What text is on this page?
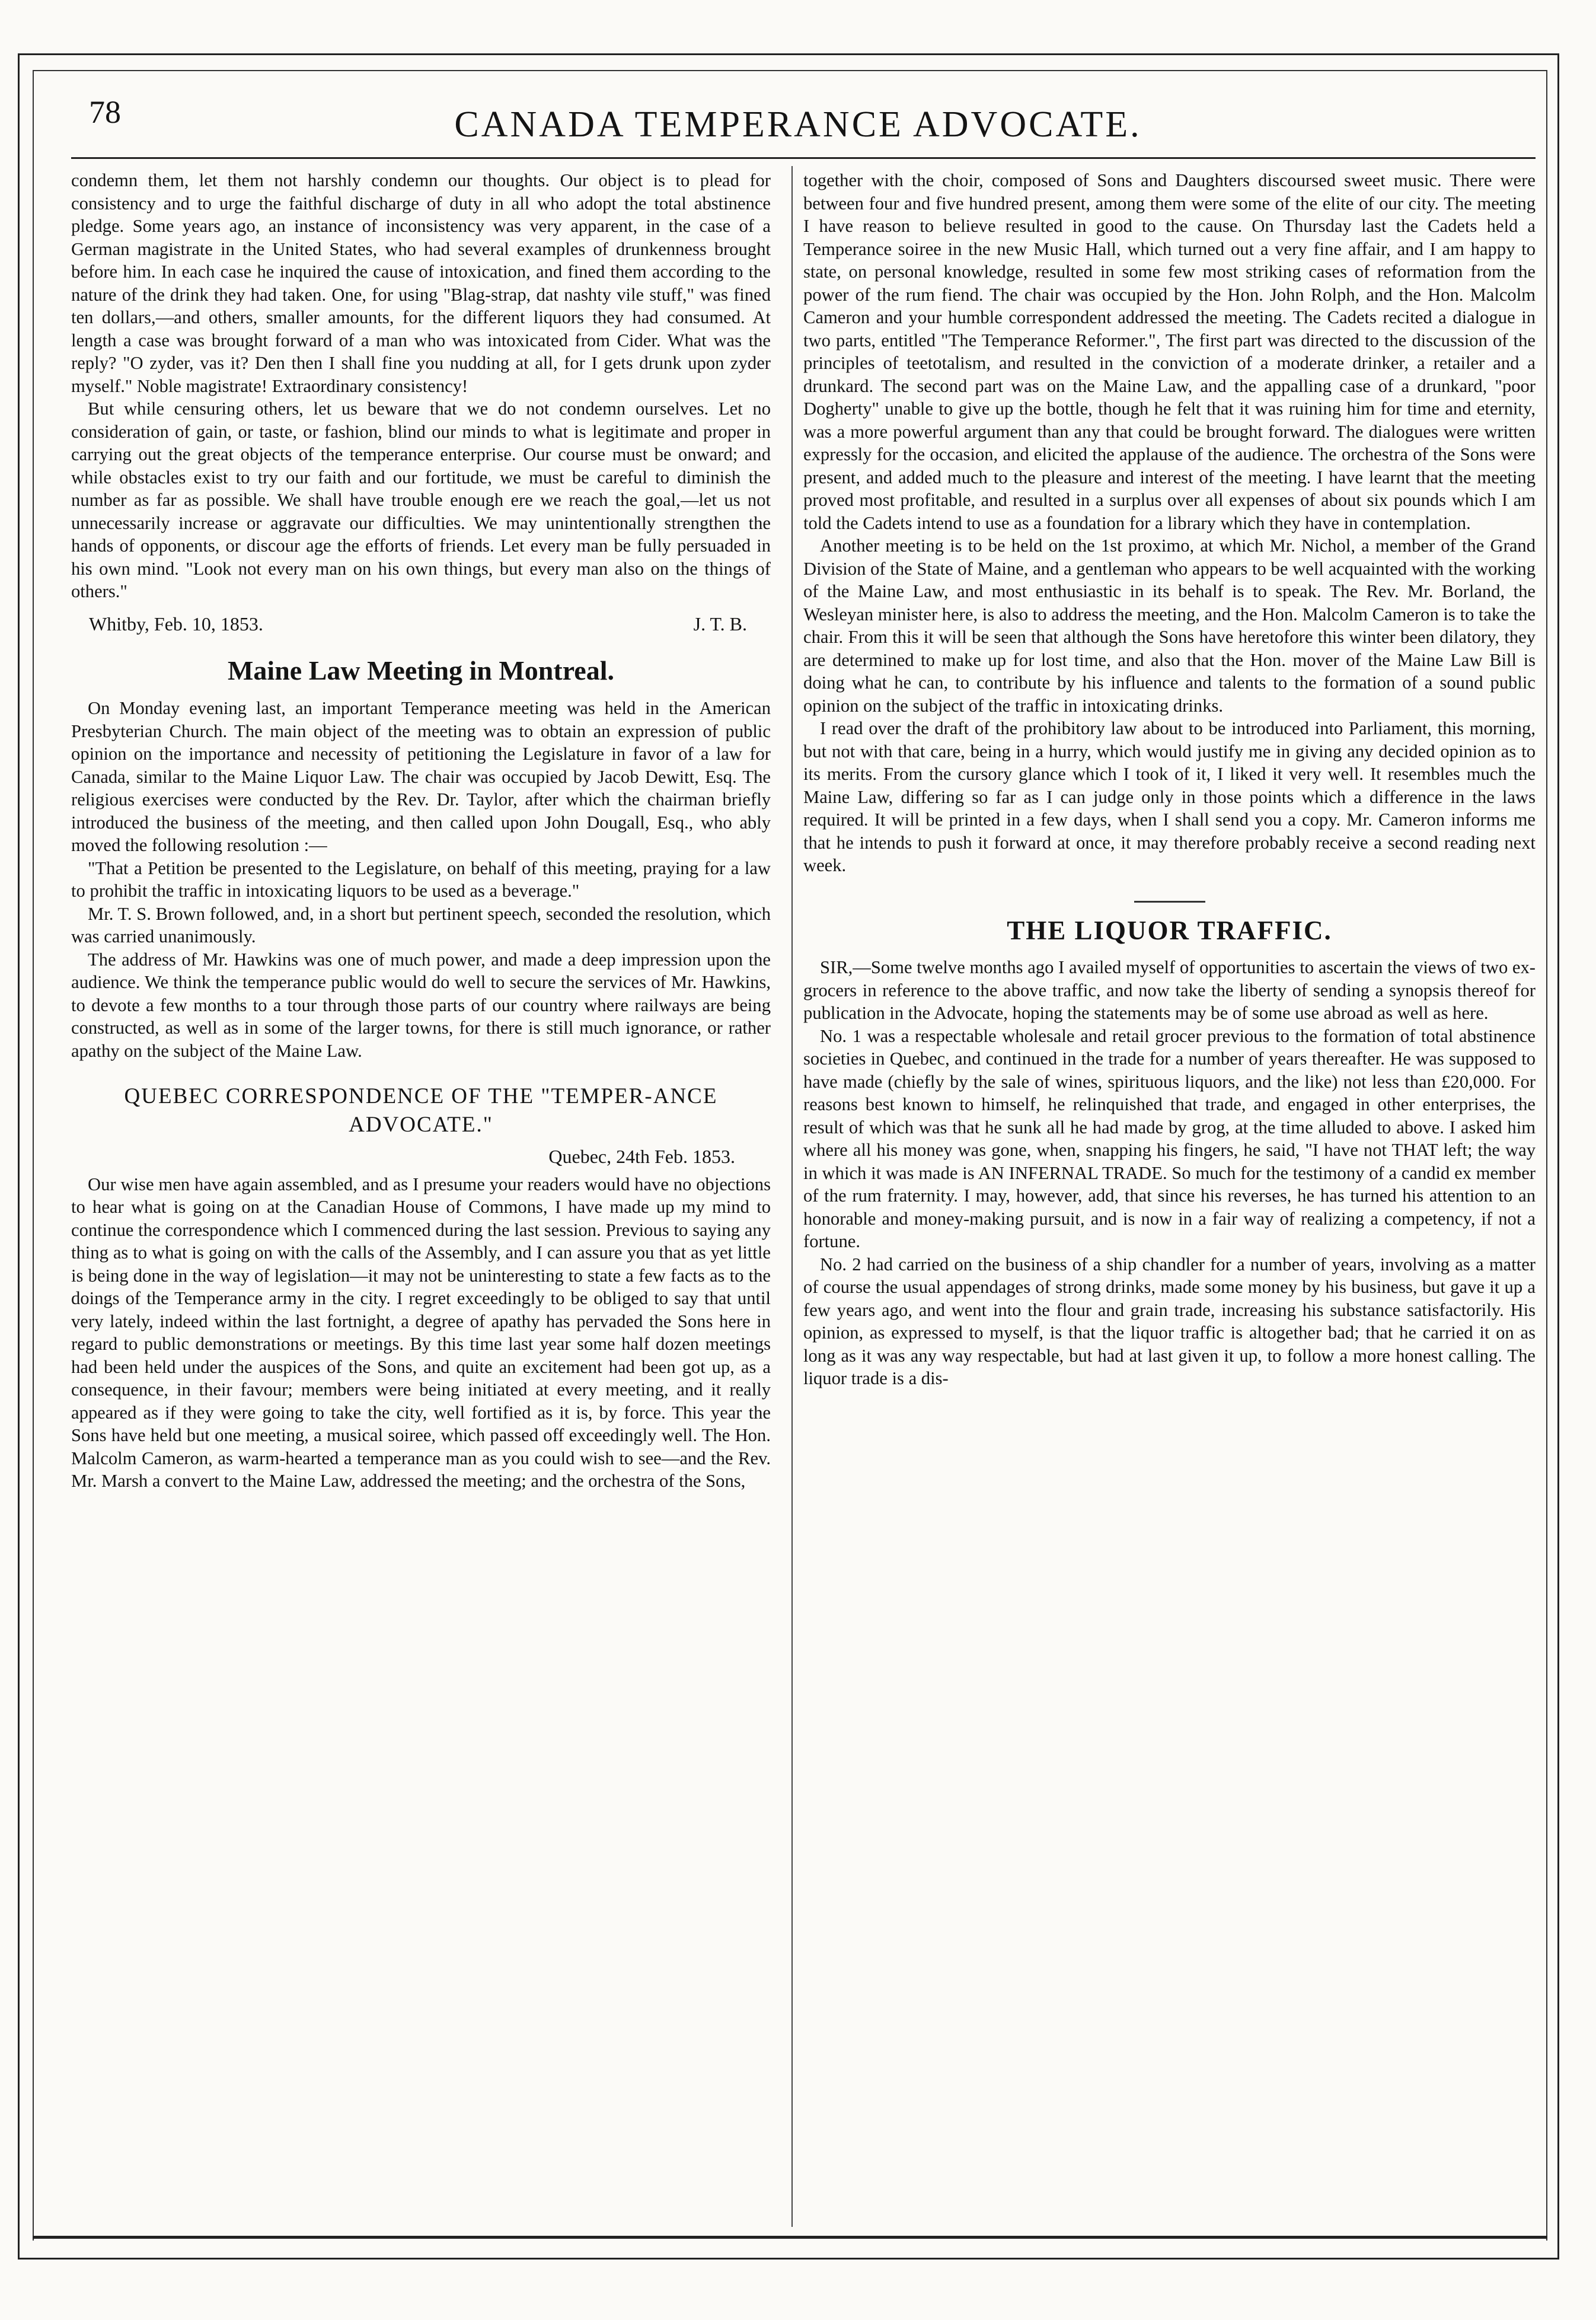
78	CANADA TEMPERANCE ADVOCATE.

condemn them, let them not harshly condemn our thoughts. Our object is to plead for consistency and to urge the faithful discharge of duty in all who adopt the total abstinence pledge. Some years ago, an instance of inconsistency was very apparent, in the case of a German magistrate in the United States, who had several examples of drunkenness brought before him. In each case he inquired the cause of intoxication, and fined them according to the nature of the drink they had taken. One, for using "Blag-strap, dat nashty vile stuff," was fined ten dollars,—and others, smaller amounts, for the different liquors they had consumed. At length a case was brought forward of a man who was intoxicated from Cider. What was the reply? "O zyder, vas it? Den then I shall fine you nudding at all, for I gets drunk upon zyder myself." Noble magistrate! Extraordinary consistency!

But while censuring others, let us beware that we do not condemn ourselves. Let no consideration of gain, or taste, or fashion, blind our minds to what is legitimate and proper in carrying out the great objects of the temperance enterprise. Our course must be onward; and while obstacles exist to try our faith and our fortitude, we must be careful to diminish the number as far as possible. We shall have trouble enough ere we reach the goal,—let us not unnecessarily increase or aggravate our difficulties. We may unintentionally strengthen the hands of opponents, or discour age the efforts of friends. Let every man be fully persuaded in his own mind. "Look not every man on his own things, but every man also on the things of others."

Whitby, Feb. 10, 1853.	J. T. B.
Maine Law Meeting in Montreal.

On Monday evening last, an important Temperance meeting was held in the American Presbyterian Church. The main object of the meeting was to obtain an expression of public opinion on the importance and necessity of petitioning the Legislature in favor of a law for Canada, similar to the Maine Liquor Law. The chair was occupied by Jacob Dewitt, Esq. The religious exercises were conducted by the Rev. Dr. Taylor, after which the chairman briefly introduced the business of the meeting, and then called upon John Dougall, Esq., who ably moved the following resolution :—

"That a Petition be presented to the Legislature, on behalf of this meeting, praying for a law to prohibit the traffic in intoxicating liquors to be used as a beverage."

Mr. T. S. Brown followed, and, in a short but pertinent speech, seconded the resolution, which was carried unanimously.

The address of Mr. Hawkins was one of much power, and made a deep impression upon the audience. We think the temperance public would do well to secure the services of Mr. Hawkins, to devote a few months to a tour through those parts of our country where railways are being constructed, as well as in some of the larger towns, for there is still much ignorance, or rather apathy on the subject of the Maine Law.

QUEBEC CORRESPONDENCE OF THE "TEMPER-ANCE ADVOCATE."
Quebec, 24th Feb. 1853.

Our wise men have again assembled, and as I presume your readers would have no objections to hear what is going on at the Canadian House of Commons, I have made up my mind to continue the correspondence which I commenced during the last session. Previous to saying any thing as to what is going on with the calls of the Assembly, and I can assure you that as yet little is being done in the way of legislation—it may not be uninteresting to state a few facts as to the doings of the Temperance army in the city. I regret exceedingly to be obliged to say that until very lately, indeed within the last fortnight, a degree of apathy has pervaded the Sons here in regard to public demonstrations or meetings. By this time last year some half dozen meetings had been held under the auspices of the Sons, and quite an excitement had been got up, as a consequence, in their favour; members were being initiated at every meeting, and it really appeared as if they were going to take the city, well fortified as it is, by force. This year the Sons have held but one meeting, a musical soiree, which passed off exceedingly well. The Hon. Malcolm Cameron, as warm-hearted a temperance man as you could wish to see—and the Rev. Mr. Marsh a convert to the Maine Law, addressed the meeting; and the orchestra of the Sons,

together with the choir, composed of Sons and Daughters discoursed sweet music. There were between four and five hundred present, among them were some of the elite of our city. The meeting I have reason to believe resulted in good to the cause. On Thursday last the Cadets held a Temperance soiree in the new Music Hall, which turned out a very fine affair, and I am happy to state, on personal knowledge, resulted in some few most striking cases of reformation from the power of the rum fiend. The chair was occupied by the Hon. John Rolph, and the Hon. Malcolm Cameron and your humble correspondent addressed the meeting. The Cadets recited a dialogue in two parts, entitled "The Temperance Reformer.", The first part was directed to the discussion of the principles of teetotalism, and resulted in the conviction of a moderate drinker, a retailer and a drunkard. The second part was on the Maine Law, and the appalling case of a drunkard, "poor Dogherty" unable to give up the bottle, though he felt that it was ruining him for time and eternity, was a more powerful argument than any that could be brought forward. The dialogues were written expressly for the occasion, and elicited the applause of the audience. The orchestra of the Sons were present, and added much to the pleasure and interest of the meeting. I have learnt that the meeting proved most profitable, and resulted in a surplus over all expenses of about six pounds which I am told the Cadets intend to use as a foundation for a library which they have in contemplation.

Another meeting is to be held on the 1st proximo, at which Mr. Nichol, a member of the Grand Division of the State of Maine, and a gentleman who appears to be well acquainted with the working of the Maine Law, and most enthusiastic in its behalf is to speak. The Rev. Mr. Borland, the Wesleyan minister here, is also to address the meeting, and the Hon. Malcolm Cameron is to take the chair. From this it will be seen that although the Sons have heretofore this winter been dilatory, they are determined to make up for lost time, and also that the Hon. mover of the Maine Law Bill is doing what he can, to contribute by his influence and talents to the formation of a sound public opinion on the subject of the traffic in intoxicating drinks.

I read over the draft of the prohibitory law about to be introduced into Parliament, this morning, but not with that care, being in a hurry, which would justify me in giving any decided opinion as to its merits. From the cursory glance which I took of it, I liked it very well. It resembles much the Maine Law, differing so far as I can judge only in those points which a difference in the laws required. It will be printed in a few days, when I shall send you a copy. Mr. Cameron informs me that he intends to push it forward at once, it may therefore probably receive a second reading next week.

THE LIQUOR TRAFFIC.

SIR,—Some twelve months ago I availed myself of opportunities to ascertain the views of two ex-grocers in reference to the above traffic, and now take the liberty of sending a synopsis thereof for publication in the Advocate, hoping the statements may be of some use abroad as well as here.

No. 1 was a respectable wholesale and retail grocer previous to the formation of total abstinence societies in Quebec, and continued in the trade for a number of years thereafter. He was supposed to have made (chiefly by the sale of wines, spirituous liquors, and the like) not less than £20,000. For reasons best known to himself, he relinquished that trade, and engaged in other enterprises, the result of which was that he sunk all he had made by grog, at the time alluded to above. I asked him where all his money was gone, when, snapping his fingers, he said, "I have not THAT left; the way in which it was made is AN INFERNAL TRADE. So much for the testimony of a candid ex member of the rum fraternity. I may, however, add, that since his reverses, he has turned his attention to an honorable and money-making pursuit, and is now in a fair way of realizing a competency, if not a fortune.

No. 2 had carried on the business of a ship chandler for a number of years, involving as a matter of course the usual appendages of strong drinks, made some money by his business, but gave it up a few years ago, and went into the flour and grain trade, increasing his substance satisfactorily. His opinion, as expressed to myself, is that the liquor traffic is altogether bad; that he carried it on as long as it was any way respectable, but had at last given it up, to follow a more honest calling. The liquor trade is a dis-
